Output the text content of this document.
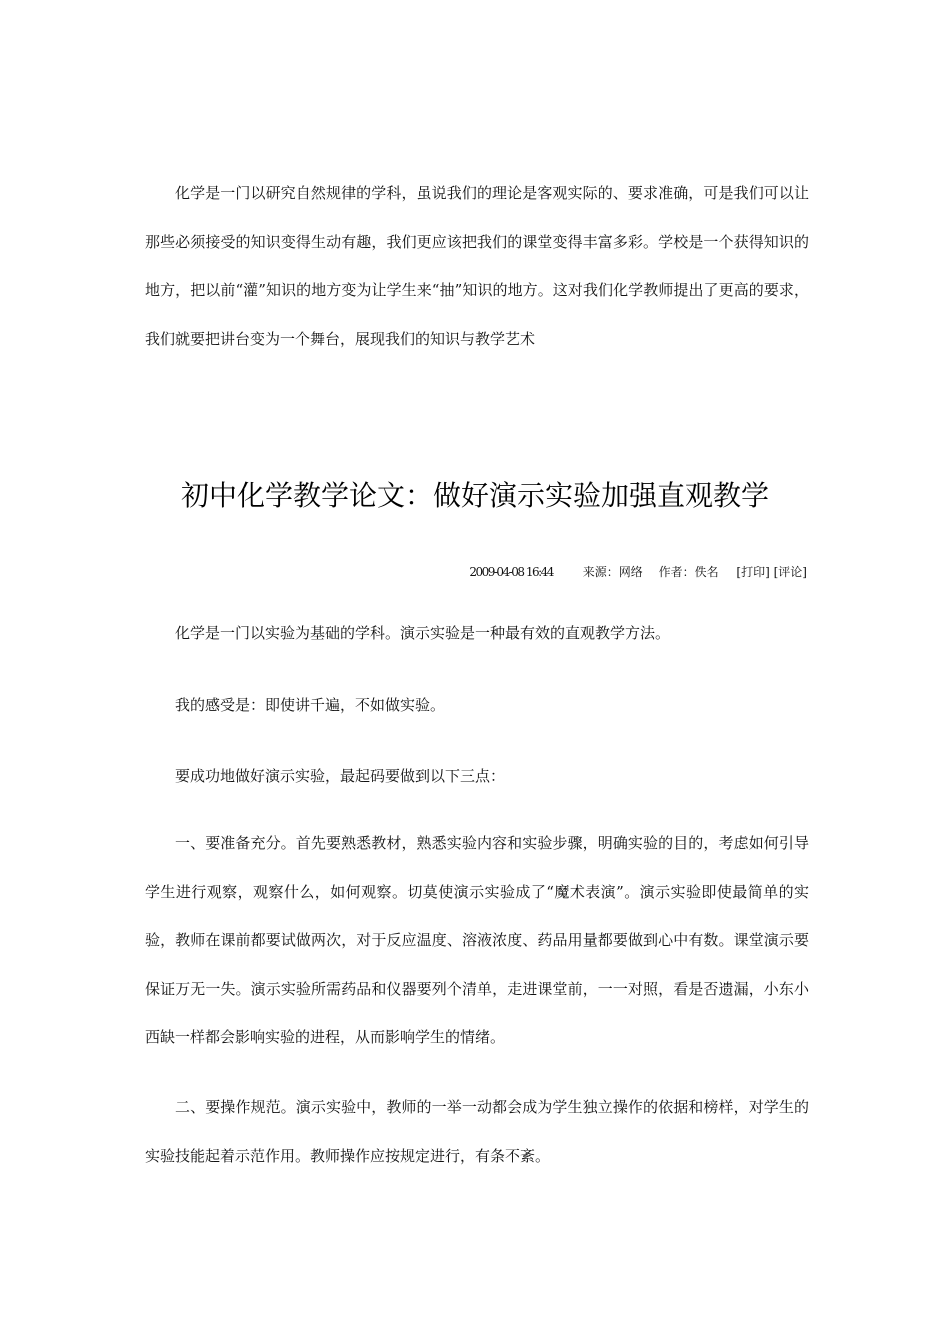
化学是一门以研究自然规律的学科，虽说我们的理论是客观实际的、要求准确，可是我们可以让那些必须接受的知识变得生动有趣，我们更应该把我们的课堂变得丰富多彩。学校是一个获得知识的地方，把以前“灌”知识的地方变为让学生来“抽”知识的地方。这对我们化学教师提出了更高的要求，我们就要把讲台变为一个舞台，展现我们的知识与教学艺术

初中化学教学论文：做好演示实验加强直观教学
2009-04-08 16:44 来源：网络 作者：佚名 [打印] [评论]

化学是一门以实验为基础的学科。演示实验是一种最有效的直观教学方法。

我的感受是：即使讲千遍，不如做实验。

要成功地做好演示实验，最起码要做到以下三点：

一、要准备充分。首先要熟悉教材，熟悉实验内容和实验步骤，明确实验的目的，考虑如何引导学生进行观察，观察什么，如何观察。切莫使演示实验成了“魔术表演”。演示实验即使最简单的实验，教师在课前都要试做两次，对于反应温度、溶液浓度、药品用量都要做到心中有数。课堂演示要保证万无一失。演示实验所需药品和仪器要列个清单，走进课堂前，一一对照，看是否遗漏，小东小西缺一样都会影响实验的进程，从而影响学生的情绪。

二、要操作规范。演示实验中，教师的一举一动都会成为学生独立操作的依据和榜样，对学生的实验技能起着示范作用。教师操作应按规定进行，有条不紊。
